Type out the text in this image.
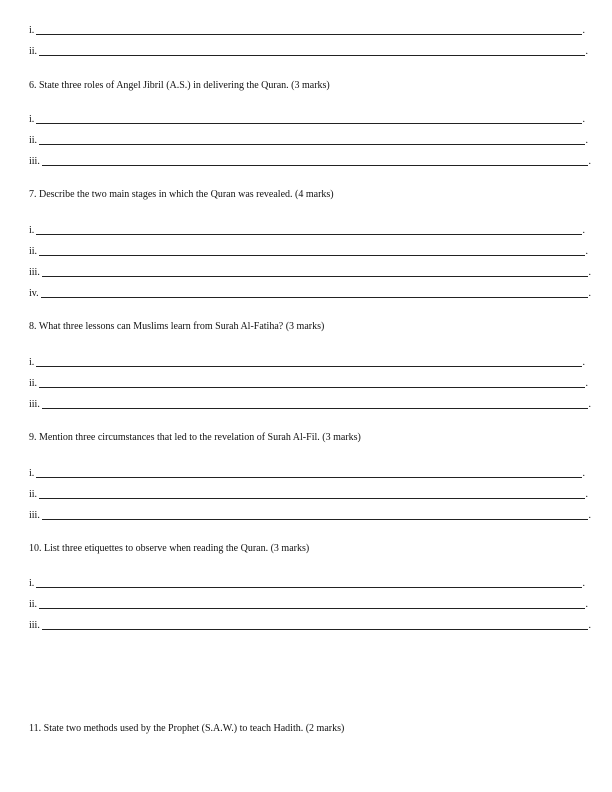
i.	.
ii.	.
6. State three roles of Angel Jibril (A.S.) in delivering the Quran. (3 marks)
i.	.
ii.	.
iii.	.
7. Describe the two main stages in which the Quran was revealed. (4 marks)
i.	.
ii.	.
iii.	.
iv.	.
8. What three lessons can Muslims learn from Surah Al-Fatiha? (3 marks)
i.	.
ii.	.
iii.	.
9. Mention three circumstances that led to the revelation of Surah Al-Fil. (3 marks)
i.	.
ii.	.
iii.	.
10. List three etiquettes to observe when reading the Quran. (3 marks)
i.	.
ii.	.
iii.	.
11. State two methods used by the Prophet (S.A.W.) to teach Hadith. (2 marks)
